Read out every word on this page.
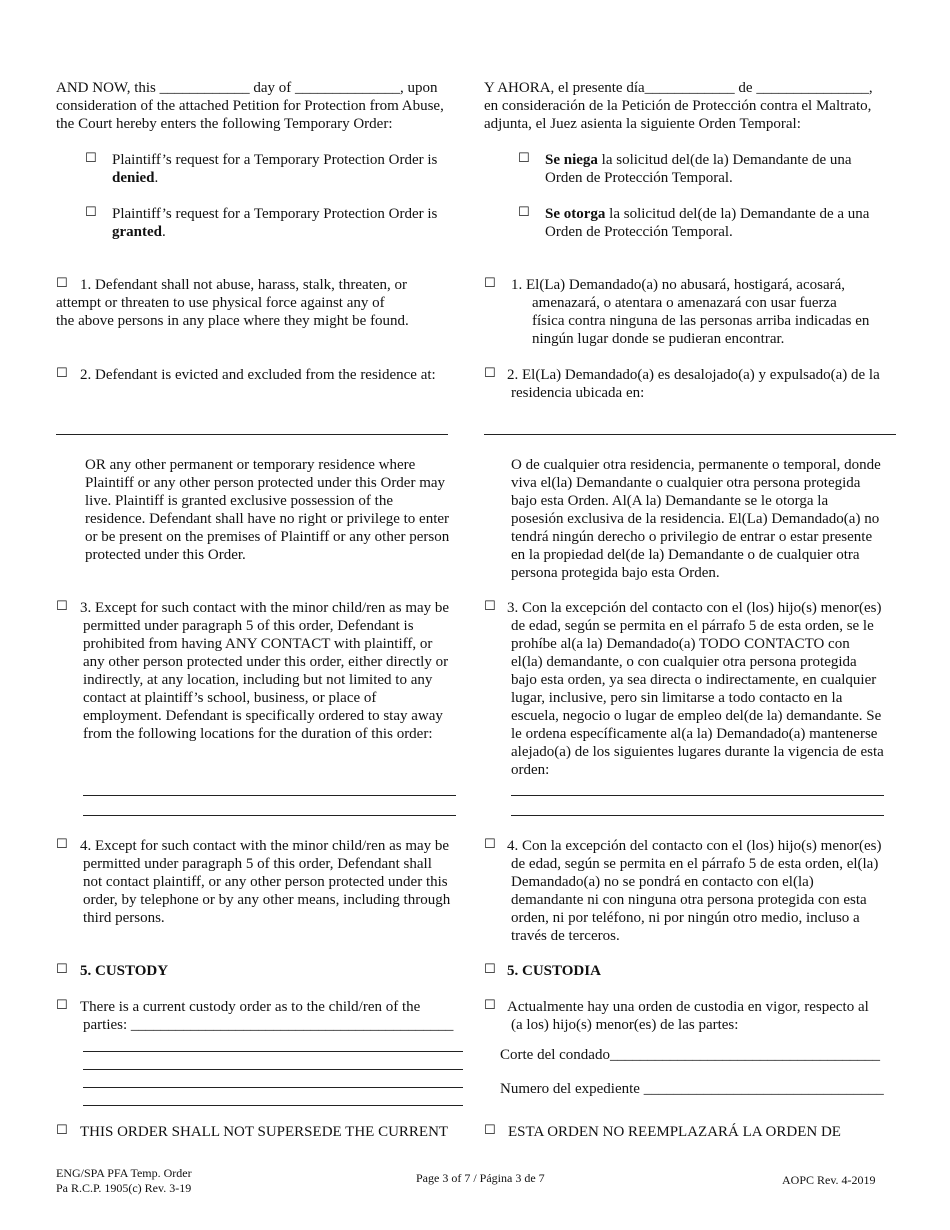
AND NOW, this ____________ day of ______________, upon
consideration of the attached Petition for Protection from Abuse,
the Court hereby enters the following Temporary Order:
☐ Plaintiff’s request for a Temporary Protection Order is
denied.
☐ Plaintiff’s request for a Temporary Protection Order is
granted.
☐ 1. Defendant shall not abuse, harass, stalk, threaten, or
attempt or threaten to use physical force against any of
the above persons in any place where they might be found.
☐ 2. Defendant is evicted and excluded from the residence at:
OR any other permanent or temporary residence where
Plaintiff or any other person protected under this Order may
live. Plaintiff is granted exclusive possession of the
residence. Defendant shall have no right or privilege to enter
or be present on the premises of Plaintiff or any other person
protected under this Order.
☐ 3. Except for such contact with the minor child/ren as may be
permitted under paragraph 5 of this order, Defendant is
prohibited from having ANY CONTACT with plaintiff, or
any other person protected under this order, either directly or
indirectly, at any location, including but not limited to any
contact at plaintiff’s school, business, or place of
employment. Defendant is specifically ordered to stay away
from the following locations for the duration of this order:
☐ 4. Except for such contact with the minor child/ren as may be
permitted under paragraph 5 of this order, Defendant shall
not contact plaintiff, or any other person protected under this
order, by telephone or by any other means, including through
third persons.
☐ 5. CUSTODY
☐ There is a current custody order as to the child/ren of the
parties: ___________________________________________
☐ THIS ORDER SHALL NOT SUPERSEDE THE CURRENT
Y AHORA, el presente día____________ de _______________,
en consideración de la Petición de Protección contra el Maltrato,
adjunta, el Juez asienta la siguiente Orden Temporal:
☐ Se niega la solicitud del(de la) Demandante de una
Orden de Protección Temporal.
☐ Se otorga la solicitud del(de la) Demandante de a una
Orden de Protección Temporal.
☐ 1. El(La) Demandado(a) no abusará, hostigará, acosará,
amenazará, o atentara o amenazará con usar fuerza
física contra ninguna de las personas arriba indicadas en
ningún lugar donde se pudieran encontrar.
☐ 2. El(La) Demandado(a) es desalojado(a) y expulsado(a) de la
residencia ubicada en:
O de cualquier otra residencia, permanente o temporal, donde
viva el(la) Demandante o cualquier otra persona protegida
bajo esta Orden. Al(A la) Demandante se le otorga la
posesión exclusiva de la residencia. El(La) Demandado(a) no
tendrá ningún derecho o privilegio de entrar o estar presente
en la propiedad del(de la) Demandante o de cualquier otra
persona protegida bajo esta Orden.
☐ 3. Con la excepción del contacto con el (los) hijo(s) menor(es)
de edad, según se permita en el párrafo 5 de esta orden, se le
prohíbe al(a la) Demandado(a) TODO CONTACTO con
el(la) demandante, o con cualquier otra persona protegida
bajo esta orden, ya sea directa o indirectamente, en cualquier
lugar, inclusive, pero sin limitarse a todo contacto en la
escuela, negocio o lugar de empleo del(de la) demandante. Se
le ordena específicamente al(a la) Demandado(a) mantenerse
alejado(a) de los siguientes lugares durante la vigencia de esta
orden:
☐ 4. Con la excepción del contacto con el (los) hijo(s) menor(es)
de edad, según se permita en el párrafo 5 de esta orden, el(la)
Demandado(a) no se pondrá en contacto con el(la)
demandante ni con ninguna otra persona protegida con esta
orden, ni por teléfono, ni por ningún otro medio, incluso a
través de terceros.
☐ 5. CUSTODIA
☐ Actualmente hay una orden de custodia en vigor, respecto al
(a los) hijo(s) menor(es) de las partes:
Corte del condado____________________________________
Numero del expediente ________________________________
☐ ESTA ORDEN NO REEMPLAZARÁ LA ORDEN DE
ENG/SPA PFA Temp. Order
Pa R.C.P. 1905(c) Rev. 3-19
Page 3 of 7 / Página 3 de 7	AOPC Rev. 4-2019
